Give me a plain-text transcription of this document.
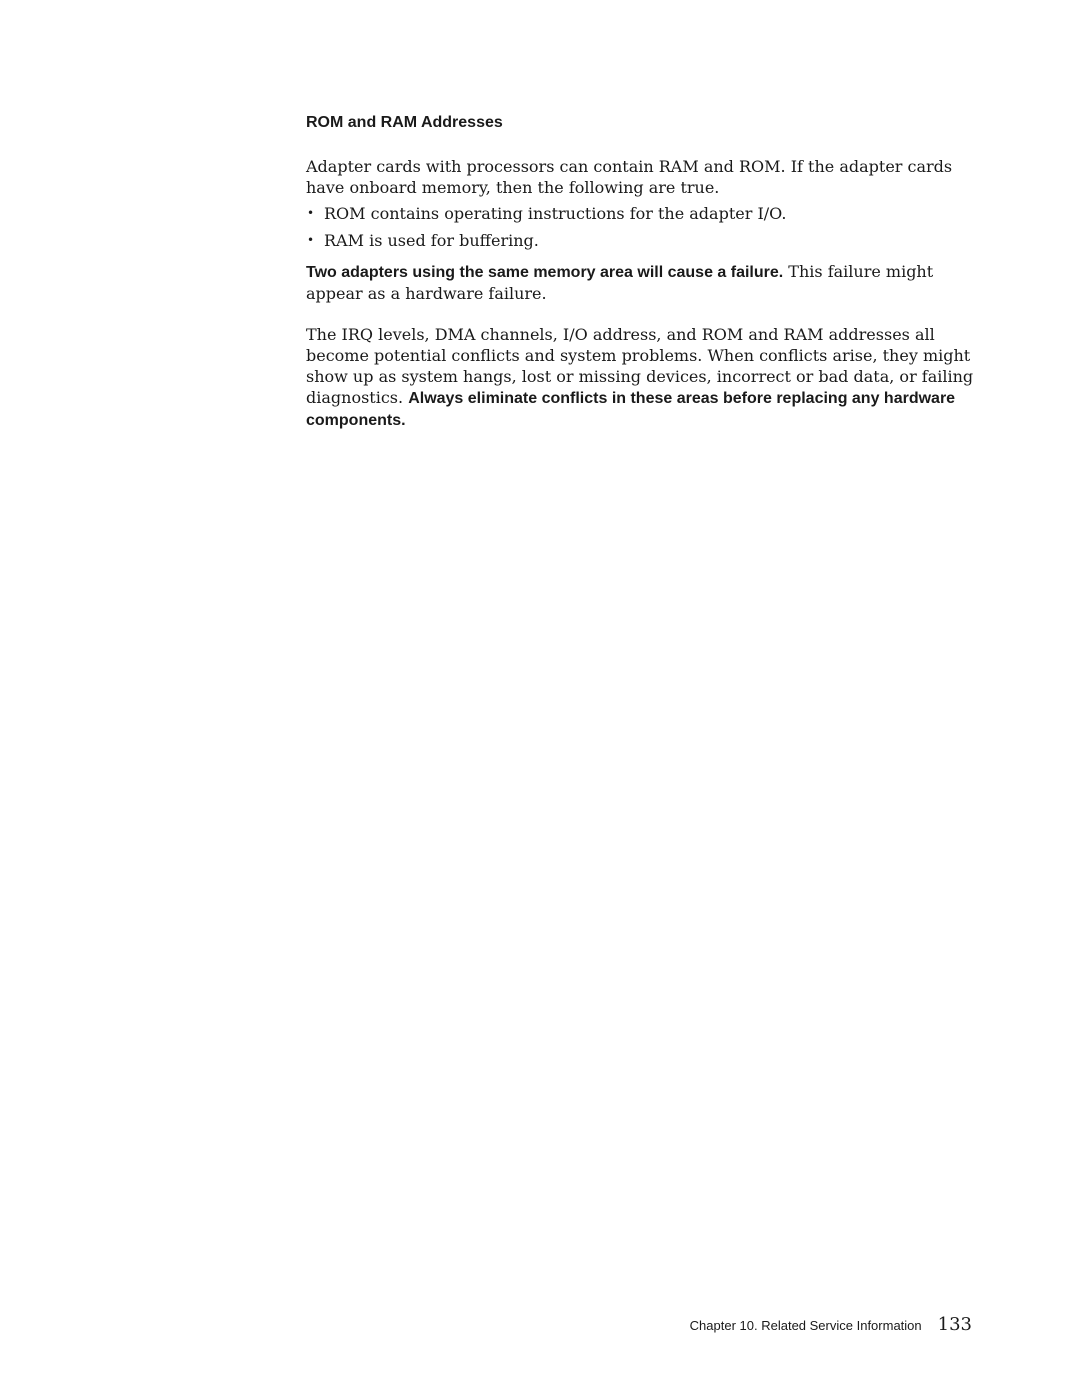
ROM and RAM Addresses

Adapter cards with processors can contain RAM and ROM. If the adapter cards have onboard memory, then the following are true.

• ROM contains operating instructions for the adapter I/O.
• RAM is used for buffering.

Two adapters using the same memory area will cause a failure. This failure might appear as a hardware failure.

The IRQ levels, DMA channels, I/O address, and ROM and RAM addresses all become potential conflicts and system problems. When conflicts arise, they might show up as system hangs, lost or missing devices, incorrect or bad data, or failing diagnostics. Always eliminate conflicts in these areas before replacing any hardware components.

Chapter 10. Related Service Information 133
